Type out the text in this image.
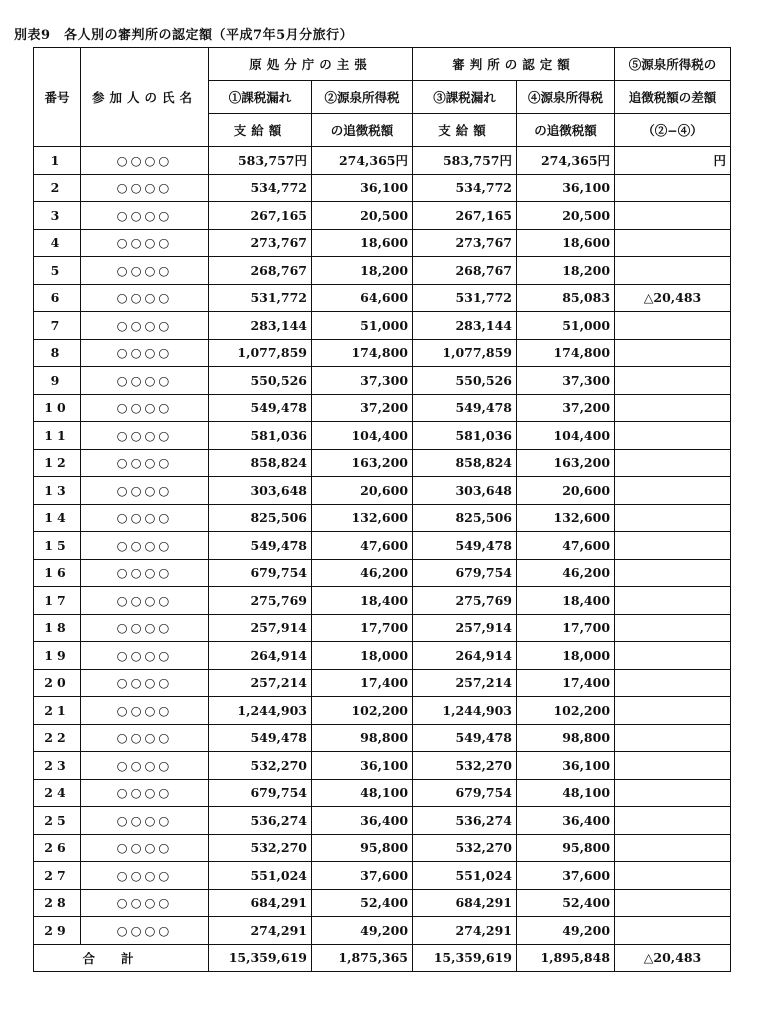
別表9　各人別の審判所の認定額（平成7年5月分旅行）
番号	参加人の氏名	原処分庁の主張		審判所の認定額		⑤源泉所得税の
		①課税漏れ	②源泉所得税	③課税漏れ	④源泉所得税	追徴税額の差額
		支給額	の追徴税額	支給額	の追徴税額	（②−④）
1	○○○○	583,757円	274,365円	583,757円	274,365円	円
2	○○○○	534,772	36,100	534,772	36,100	
3	○○○○	267,165	20,500	267,165	20,500	
4	○○○○	273,767	18,600	273,767	18,600	
5	○○○○	268,767	18,200	268,767	18,200	
6	○○○○	531,772	64,600	531,772	85,083	△20,483
7	○○○○	283,144	51,000	283,144	51,000	
8	○○○○	1,077,859	174,800	1,077,859	174,800	
9	○○○○	550,526	37,300	550,526	37,300	
10	○○○○	549,478	37,200	549,478	37,200	
11	○○○○	581,036	104,400	581,036	104,400	
12	○○○○	858,824	163,200	858,824	163,200	
13	○○○○	303,648	20,600	303,648	20,600	
14	○○○○	825,506	132,600	825,506	132,600	
15	○○○○	549,478	47,600	549,478	47,600	
16	○○○○	679,754	46,200	679,754	46,200	
17	○○○○	275,769	18,400	275,769	18,400	
18	○○○○	257,914	17,700	257,914	17,700	
19	○○○○	264,914	18,000	264,914	18,000	
20	○○○○	257,214	17,400	257,214	17,400	
21	○○○○	1,244,903	102,200	1,244,903	102,200	
22	○○○○	549,478	98,800	549,478	98,800	
23	○○○○	532,270	36,100	532,270	36,100	
24	○○○○	679,754	48,100	679,754	48,100	
25	○○○○	536,274	36,400	536,274	36,400	
26	○○○○	532,270	95,800	532,270	95,800	
27	○○○○	551,024	37,600	551,024	37,600	
28	○○○○	684,291	52,400	684,291	52,400	
29	○○○○	274,291	49,200	274,291	49,200	
合計		15,359,619	1,875,365	15,359,619	1,895,848	△20,483
